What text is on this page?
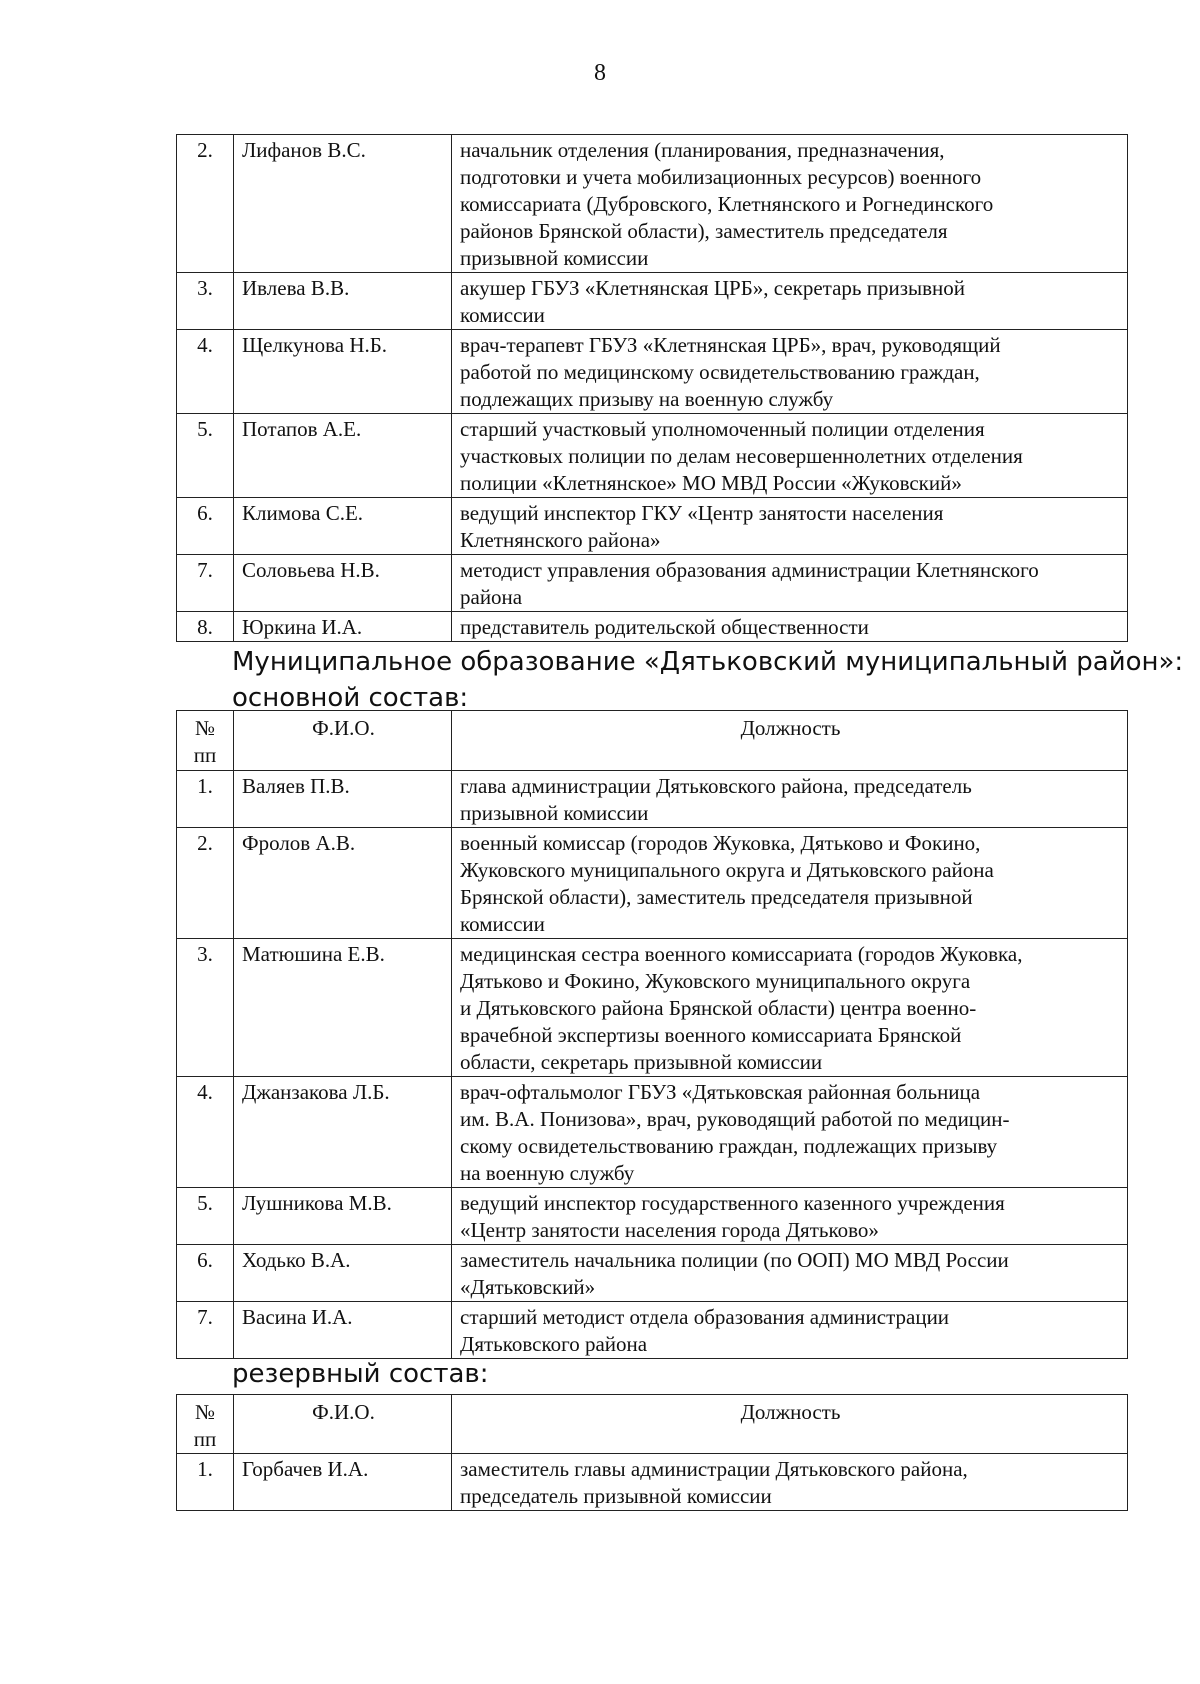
8
2.	Лифанов В.С.	начальник отделения (планирования, предназначения,
подготовки и учета мобилизационных ресурсов) военного
комиссариата (Дубровского, Клетнянского и Рогнединского
районов Брянской области), заместитель председателя
призывной комиссии

3.	Ивлева В.В.	акушер ГБУЗ «Клетнянская ЦРБ», секретарь призывной
комиссии

4.	Щелкунова Н.Б.	врач-терапевт ГБУЗ «Клетнянская ЦРБ», врач, руководящий
работой по медицинскому освидетельствованию граждан,
подлежащих призыву на военную службу

5.	Потапов А.Е.	старший участковый уполномоченный полиции отделения
участковых полиции по делам несовершеннолетних отделения
полиции «Клетнянское» МО МВД России «Жуковский»

6.	Климова С.Е.	ведущий инспектор ГКУ «Центр занятости населения
Клетнянского района»

7.	Соловьева Н.В.	методист управления образования администрации Клетнянского
района

8.	Юркина И.А.	представитель родительской общественности
Муниципальное образование «Дятьковский муниципальный район»:
основной состав:
№
пп	Ф.И.О.	Должность
1.	Валяев П.В.	глава администрации Дятьковского района, председатель
призывной комиссии

2.	Фролов А.В.	военный комиссар (городов Жуковка, Дятьково и Фокино,
Жуковского муниципального округа и Дятьковского района
Брянской области), заместитель председателя призывной
комиссии

3.	Матюшина Е.В.	медицинская сестра военного комиссариата (городов Жуковка,
Дятьково и Фокино, Жуковского муниципального округа
и Дятьковского района Брянской области) центра военно-
врачебной экспертизы военного комиссариата Брянской
области, секретарь призывной комиссии

4.	Джанзакова Л.Б.	врач-офтальмолог ГБУЗ «Дятьковская районная больница
им. В.А. Понизова», врач, руководящий работой по медицин-
скому освидетельствованию граждан, подлежащих призыву
на военную службу

5.	Лушникова М.В.	ведущий инспектор государственного казенного учреждения
«Центр занятости населения города Дятьково»

6.	Ходько В.А.	заместитель начальника полиции (по ООП) МО МВД России
«Дятьковский»

7.	Васина И.А.	старший методист отдела образования администрации
Дятьковского района
резервный состав:
№
пп	Ф.И.О.	Должность
1.	Горбачев И.А.	заместитель главы администрации Дятьковского района,
председатель призывной комиссии
